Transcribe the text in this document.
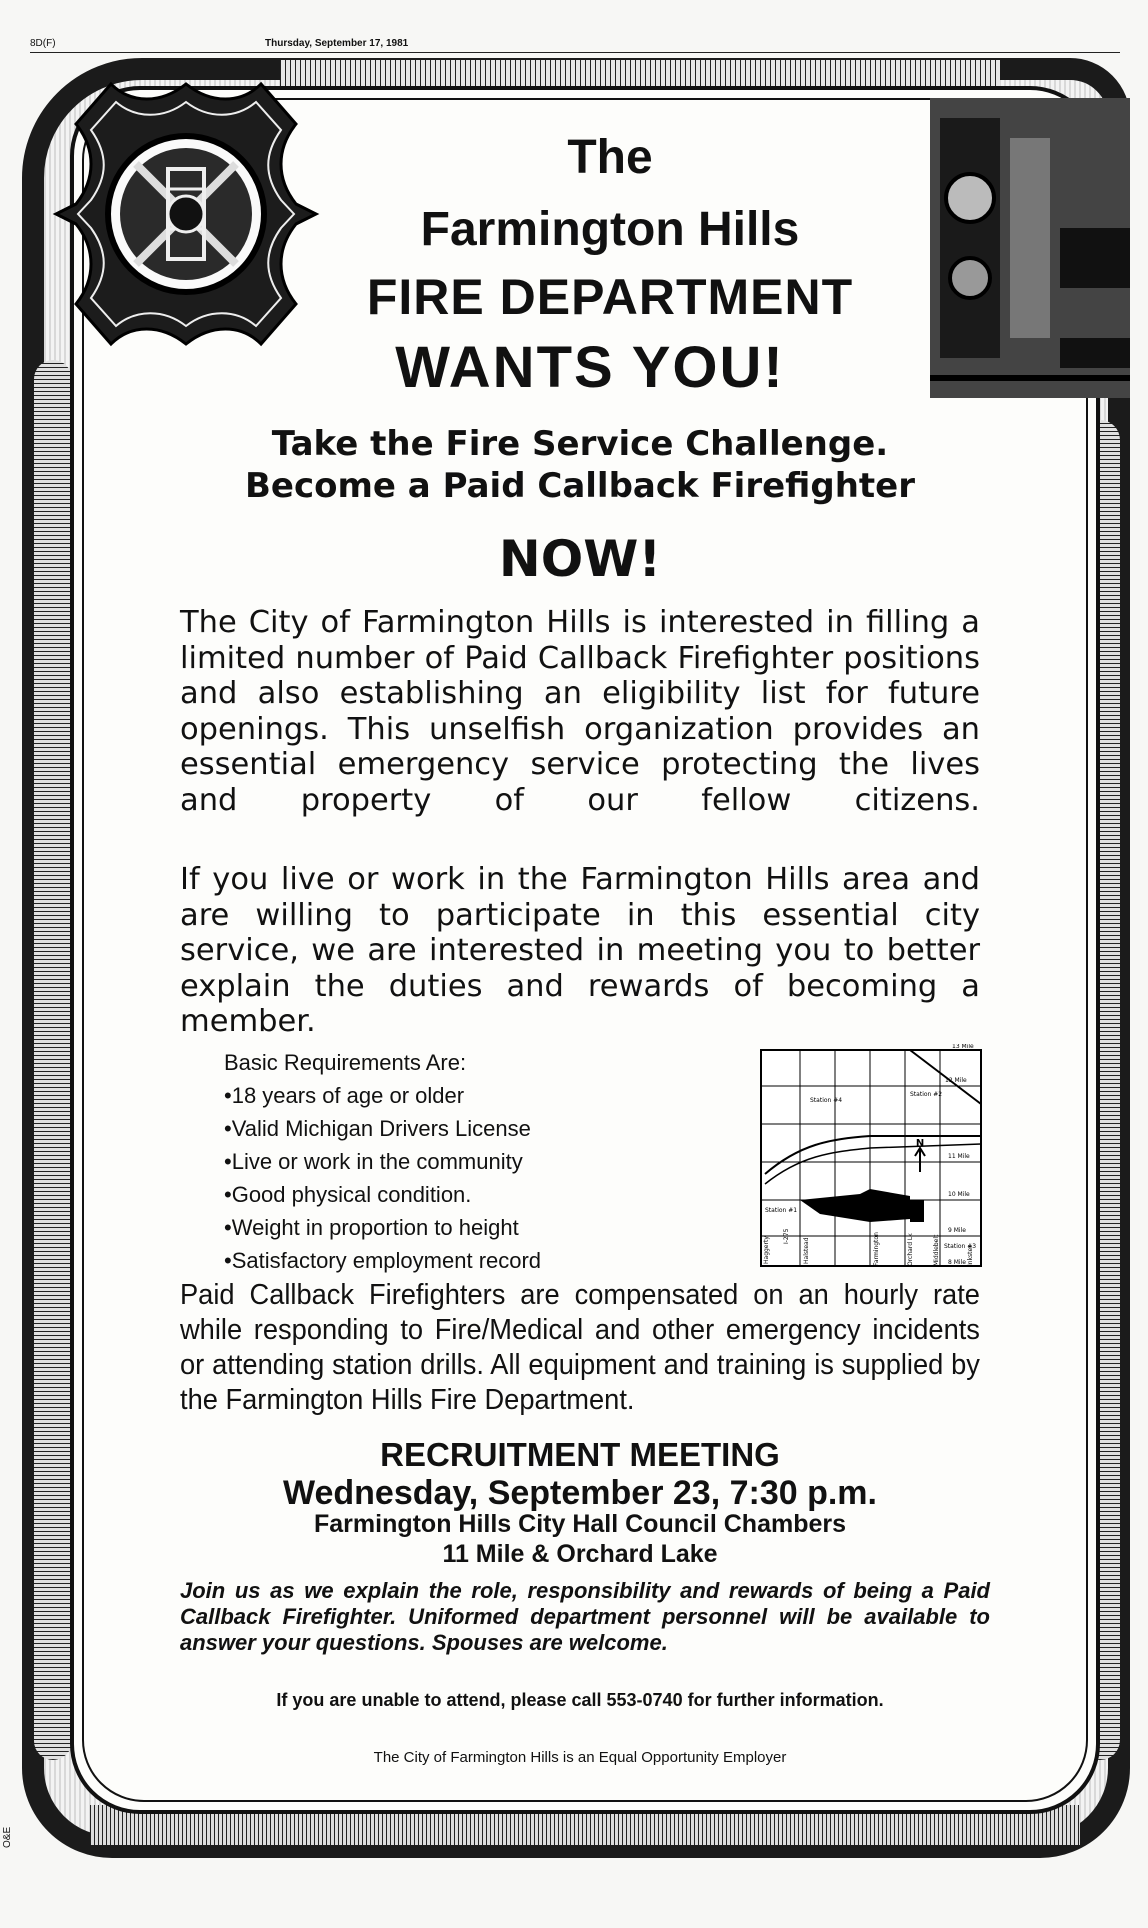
8D(F)	Thursday, September 17, 1981
The
Farmington Hills
FIRE DEPARTMENT
WANTS YOU!
Take the Fire Service Challenge.
Become a Paid Callback Firefighter
NOW!

The City of Farmington Hills is interested in filling a limited number of Paid Callback Firefighter positions and also establishing an eligibility list for future openings. This unselfish organization provides an essential emergency service protecting the lives and property of our fellow citizens.

If you live or work in the Farmington Hills area and are willing to participate in this essential city service, we are interested in meeting you to better explain the duties and rewards of becoming a member.

Basic Requirements Are:
• 18 years of age or older
• Valid Michigan Drivers License
• Live or work in the community
• Good physical condition.
• Weight in proportion to height
• Satisfactory employment record
N
13 Mile
12 Mile
11 Mile
10 Mile
9 Mile
8 Mile
Station #4
Station #2
Station #1
Station #3
Haggerty I-275
Halstead	Farmington	Orchard Lk	Middlebelt	Inkster

Paid Callback Firefighters are compensated on an hourly rate while responding to Fire/Medical and other emergency incidents or attending station drills. All equipment and training is supplied by the Farmington Hills Fire Department.

RECRUITMENT MEETING
Wednesday, September 23, 7:30 p.m.
Farmington Hills City Hall Council Chambers
11 Mile & Orchard Lake

Join us as we explain the role, responsibility and rewards of being a Paid Callback Firefighter. Uniformed department personnel will be available to answer your questions. Spouses are welcome.

If you are unable to attend, please call 553-0740 for further information.
The City of Farmington Hills is an Equal Opportunity Employer
O&E
